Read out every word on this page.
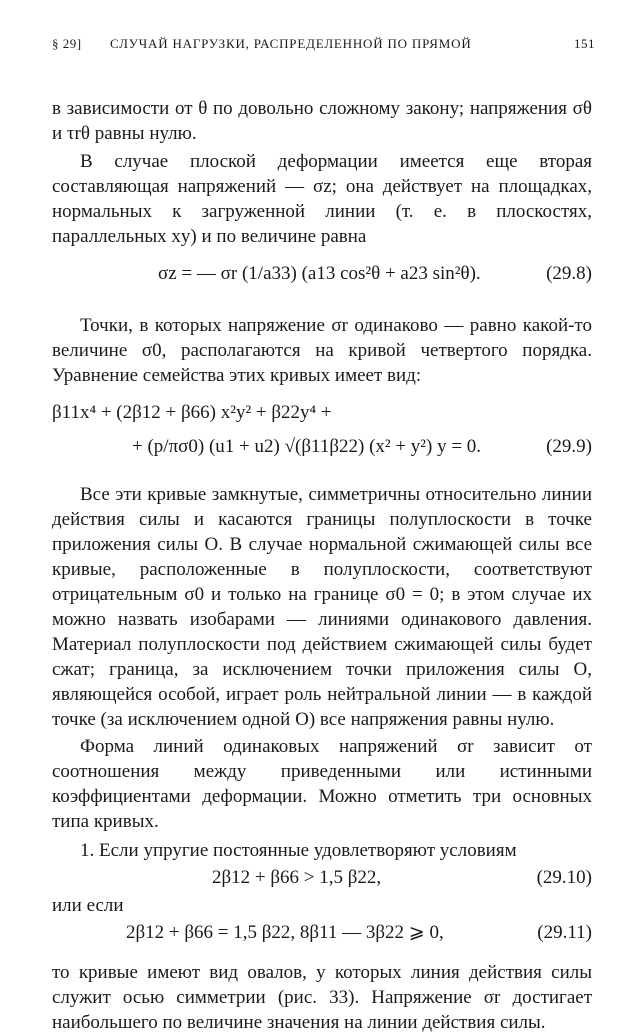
§ 29] СЛУЧАЙ НАГРУЗКИ, РАСПРЕДЕЛЕННОЙ ПО ПРЯМОЙ	151

в зависимости от θ по довольно сложному закону; напряжения σθ и τrθ равны нулю.

В случае плоской деформации имеется еще вторая составляющая напряжений — σz; она действует на площадках, нормальных к загруженной линии (т. е. в плоскостях, параллельных xy) и по величине равна

σz = — σr (1/a33) (a13 cos²θ + a23 sin²θ).	(29.8)

Точки, в которых напряжение σr одинаково — равно какой-то величине σ0, располагаются на кривой четвертого порядка. Уравнение семейства этих кривых имеет вид:

β11x⁴ + (2β12 + β66) x²y² + β22y⁴ +
+ (p/πσ0) (u1 + u2) √(β11β22) (x² + y²) y = 0.	(29.9)

Все эти кривые замкнутые, симметричны относительно линии действия силы и касаются границы полуплоскости в точке приложения силы O. В случае нормальной сжимающей силы все кривые, расположенные в полуплоскости, соответствуют отрицательным σ0 и только на границе σ0 = 0; в этом случае их можно назвать изобарами — линиями одинакового давления. Материал полуплоскости под действием сжимающей силы будет сжат; граница, за исключением точки приложения силы O, являющейся особой, играет роль нейтральной линии — в каждой точке (за исключением одной O) все напряжения равны нулю.

Форма линий одинаковых напряжений σr зависит от соотношения между приведенными или истинными коэффициентами деформации. Можно отметить три основных типа кривых.

1. Если упругие постоянные удовлетворяют условиям

2β12 + β66 > 1,5 β22,	(29.10)

или если

2β12 + β66 = 1,5 β22, 8β11 — 3β22 ⩾ 0,	(29.11)

то кривые имеют вид овалов, у которых линия действия силы служит осью симметрии (рис. 33). Напряжение σr достигает наибольшего по величине значения на линии действия силы.
